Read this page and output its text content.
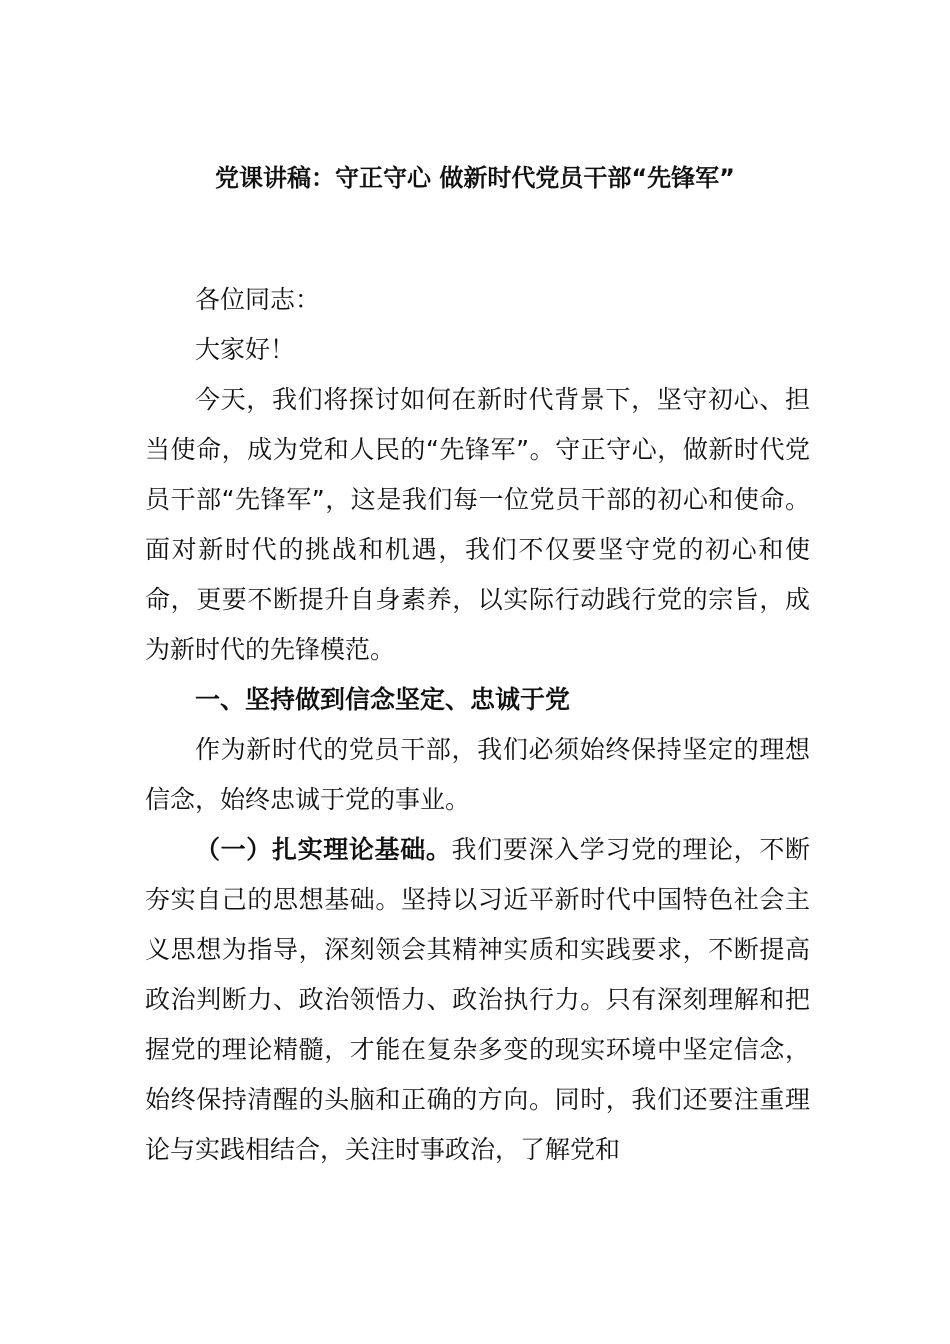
党课讲稿：守正守心 做新时代党员干部“先锋军”

各位同志：

大家好！

今天，我们将探讨如何在新时代背景下，坚守初心、担当使命，成为党和人民的“先锋军”。守正守心，做新时代党员干部“先锋军”，这是我们每一位党员干部的初心和使命。面对新时代的挑战和机遇，我们不仅要坚守党的初心和使命，更要不断提升自身素养，以实际行动践行党的宗旨，成为新时代的先锋模范。

一、坚持做到信念坚定、忠诚于党

作为新时代的党员干部，我们必须始终保持坚定的理想信念，始终忠诚于党的事业。

（一）扎实理论基础。我们要深入学习党的理论，不断夯实自己的思想基础。坚持以习近平新时代中国特色社会主义思想为指导，深刻领会其精神实质和实践要求，不断提高政治判断力、政治领悟力、政治执行力。只有深刻理解和把握党的理论精髓，才能在复杂多变的现实环境中坚定信念，始终保持清醒的头脑和正确的方向。同时，我们还要注重理论与实践相结合，关注时事政治，了解党和
